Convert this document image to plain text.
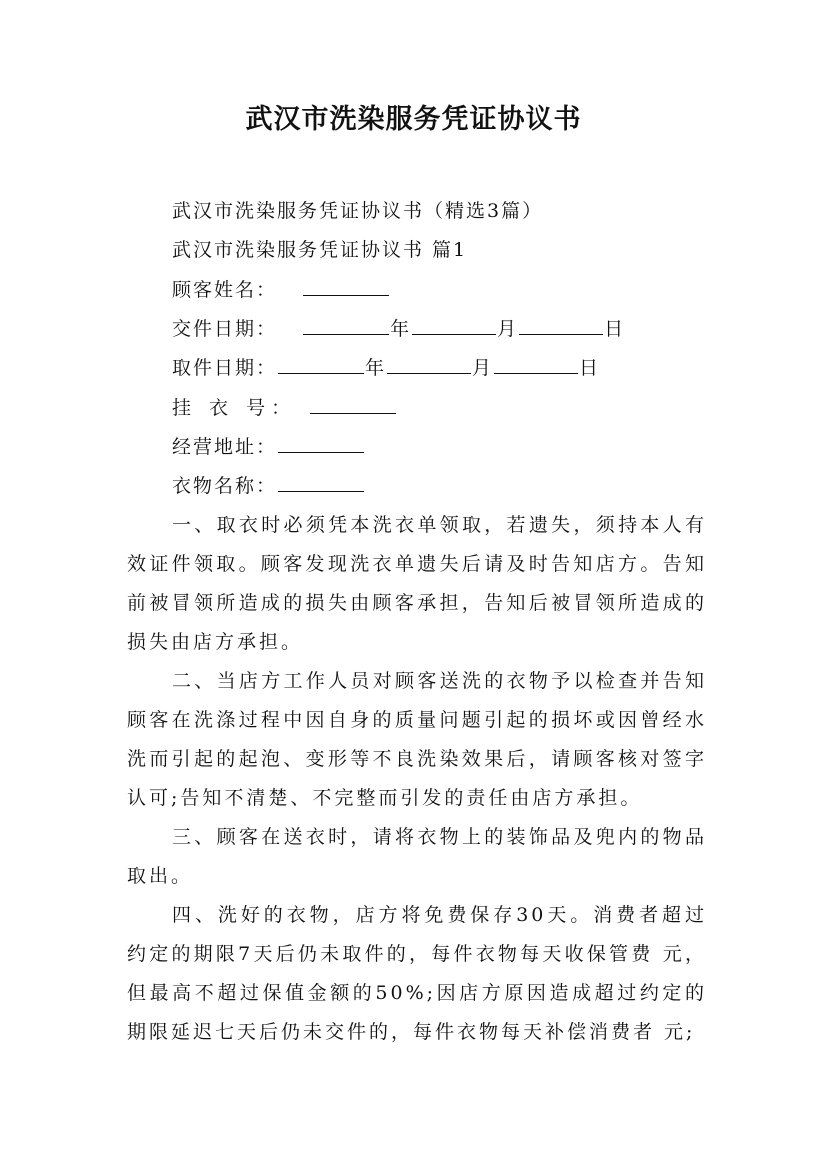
武汉市洗染服务凭证协议书
武汉市洗染服务凭证协议书（精选3篇）
武汉市洗染服务凭证协议书 篇1
顾客姓名：
交件日期：	年	月	日
取件日期：	年	月	日
挂 衣 号：
经营地址：
衣物名称：
一、取衣时必须凭本洗衣单领取，若遗失，须持本人有效证件领取。顾客发现洗衣单遗失后请及时告知店方。告知前被冒领所造成的损失由顾客承担，告知后被冒领所造成的损失由店方承担。
二、当店方工作人员对顾客送洗的衣物予以检查并告知顾客在洗涤过程中因自身的质量问题引起的损坏或因曾经水洗而引起的起泡、变形等不良洗染效果后，请顾客核对签字认可;告知不清楚、不完整而引发的责任由店方承担。
三、顾客在送衣时，请将衣物上的装饰品及兜内的物品取出。
四、洗好的衣物，店方将免费保存30天。消费者超过约定的期限7天后仍未取件的，每件衣物每天收保管费 元，但最高不超过保值金额的50%;因店方原因造成超过约定的期限延迟七天后仍未交件的，每件衣物每天补偿消费者 元;
